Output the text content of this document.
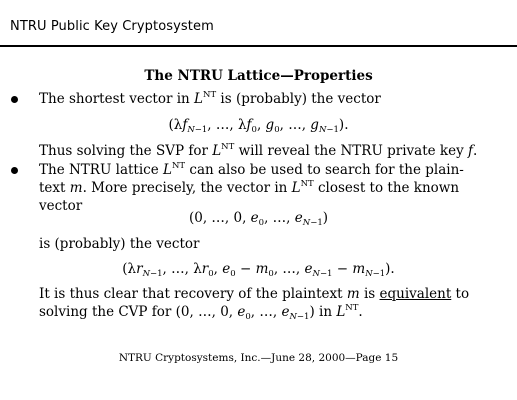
NTRU Public Key Cryptosystem
The NTRU Lattice—Properties
The shortest vector in $L^{NT}$ is (probably) the vector
($\lambda f_{N-1}$, …, $\lambda f_0$, $g_0$, …, $g_{N-1}$).
Thus solving the SVP for $L^{NT}$ will reveal the NTRU private key f.
The NTRU lattice $L^{NT}$ can also be used to search for the plain-
text m. More precisely, the vector in $L^{NT}$ closest to the known
vector
(0, …, 0, $e_0$, …, $e_{N-1}$)
is (probably) the vector
($\lambda r_{N-1}$, …, $\lambda r_0$, $e_0 - m_0$, …, $e_{N-1} - m_{N-1}$).
It is thus clear that recovery of the plaintext m is equivalent to
solving the CVP for (0, …, 0, $e_0$, …, $e_{N-1}$) in $L^{NT}$.
NTRU Cryptosystems, Inc.—June 28, 2000—Page 15
